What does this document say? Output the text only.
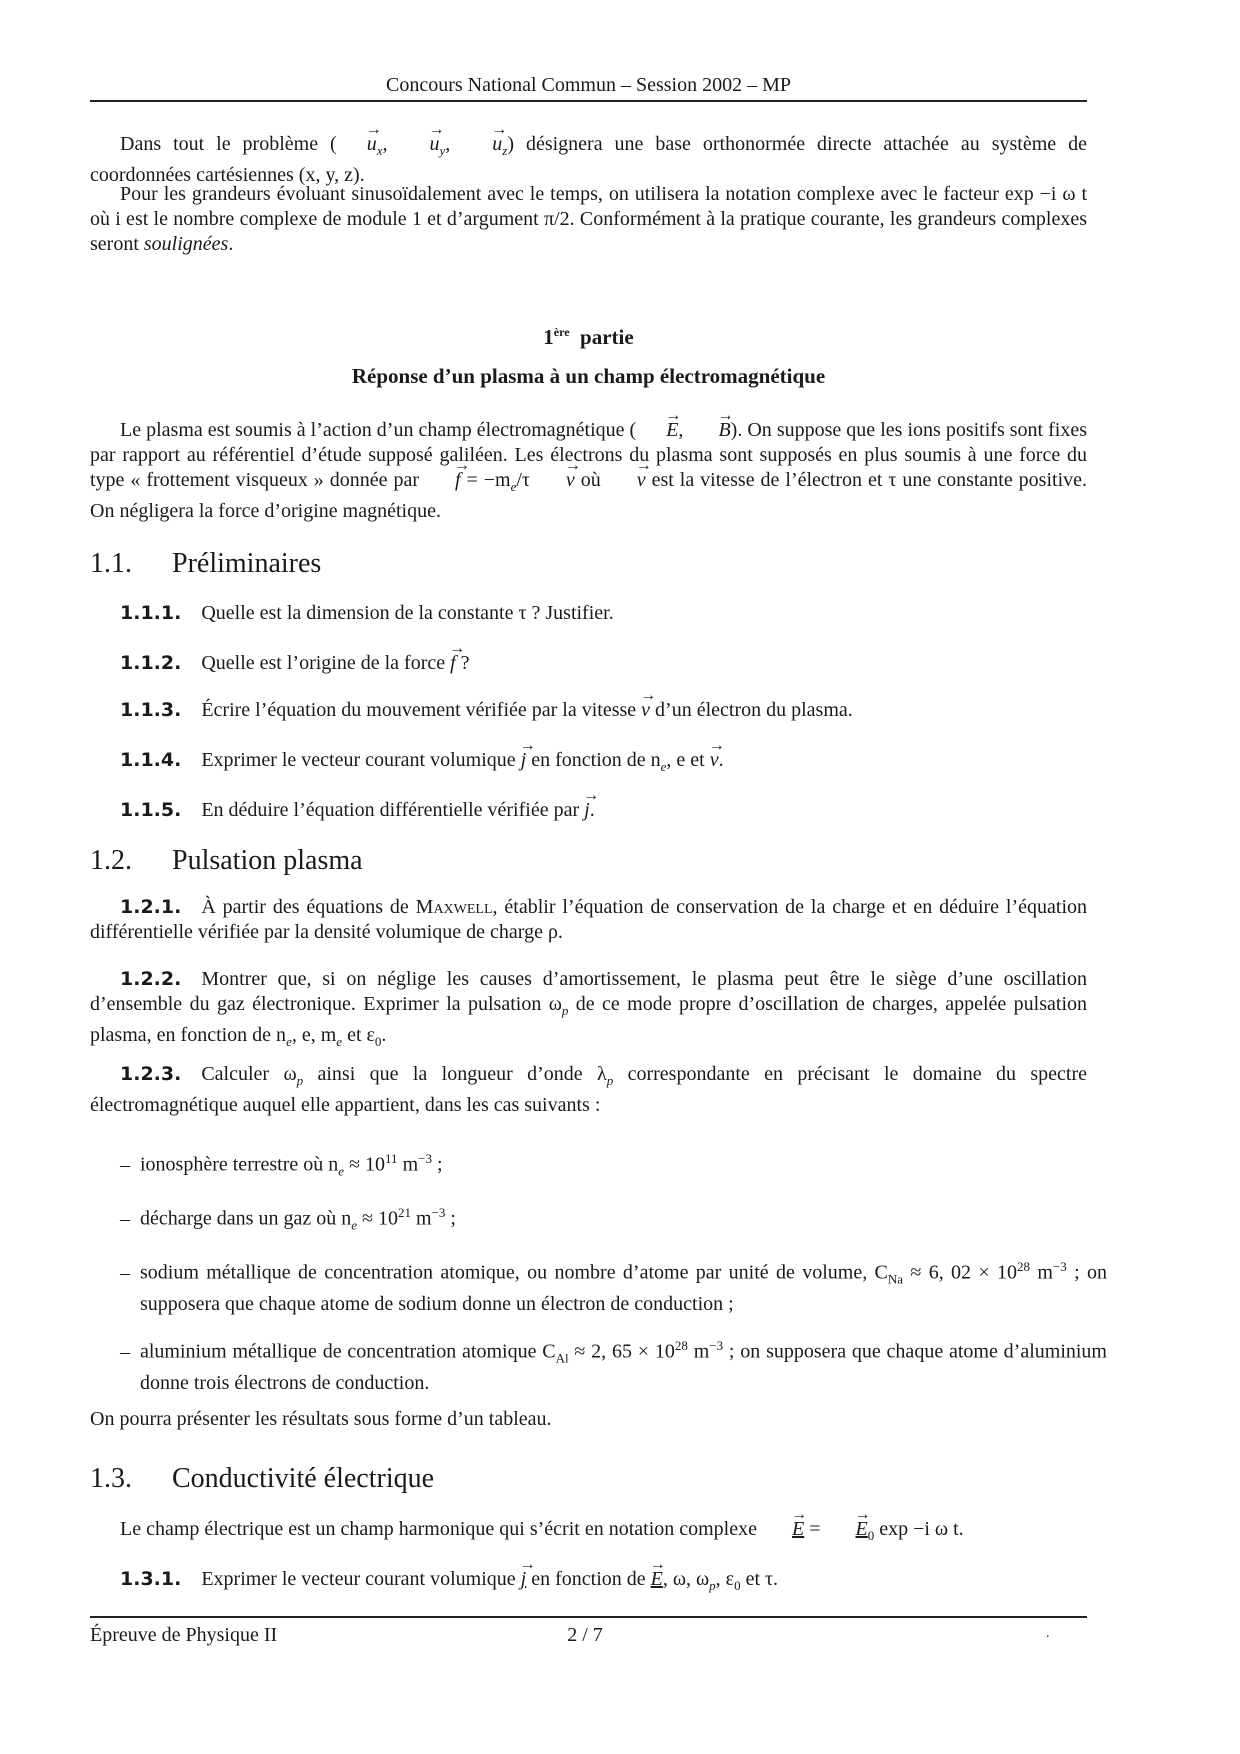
Concours National Commun – Session 2002 – MP
Dans tout le problème ( → $u_x$, → $u_y$, → $u_z$) désignera une base orthonormée directe attachée au système de coordonnées cartésiennes (x, y, z).
Pour les grandeurs évoluant sinusoïdalement avec le temps, on utilisera la notation complexe avec le facteur exp −i ω t où i est le nombre complexe de module 1 et d’argument π/2. Conformément à la pratique courante, les grandeurs complexes seront soulignées.
1ère partie
Réponse d’un plasma à un champ électromagnétique
Le plasma est soumis à l’action d’un champ électromagnétique ( → E, → B). On suppose que les ions positifs sont fixes par rapport au référentiel d’étude supposé galiléen. Les électrons du plasma sont supposés en plus soumis à une force du type « frottement visqueux » donnée par → $f = -m_e/\tau \to v$ où → v est la vitesse de l’électron et τ une constante positive. On négligera la force d’origine magnétique.
1.1. Préliminaires
1.1.1. Quelle est la dimension de la constante τ ? Justifier.
1.1.2. Quelle est l’origine de la force → f ?
1.1.3. Écrire l’équation du mouvement vérifiée par la vitesse → v d’un électron du plasma.
1.1.4. Exprimer le vecteur courant volumique → j en fonction de $n_e$, e et → v.
1.1.5. En déduire l’équation différentielle vérifiée par → j.
1.2. Pulsation plasma
1.2.1. À partir des équations de Maxwell, établir l’équation de conservation de la charge et en déduire l’équation différentielle vérifiée par la densité volumique de charge ρ.
1.2.2. Montrer que, si on néglige les causes d’amortissement, le plasma peut être le siège d’une oscillation d’ensemble du gaz électronique. Exprimer la pulsation $\omega_p$ de ce mode propre d’oscillation de charges, appelée pulsation plasma, en fonction de $n_e$, e, $m_e$ et $\varepsilon_0$.
1.2.3. Calculer $\omega_p$ ainsi que la longueur d’onde $\lambda_p$ correspondante en précisant le domaine du spectre électromagnétique auquel elle appartient, dans les cas suivants :
– ionosphère terrestre où $n_e \approx 10^{11}$ $m^{-3}$ ;
– décharge dans un gaz où $n_e \approx 10^{21}$ $m^{-3}$ ;
– sodium métallique de concentration atomique, ou nombre d’atome par unité de volume, $C_{Na} \approx 6$, $02 \times 10^{28}$ $m^{-3}$ ; on supposera que chaque atome de sodium donne un électron de conduction ;
– aluminium métallique de concentration atomique $C_{Al} \approx 2$, $65 \times 10^{28}$ $m^{-3}$ ; on supposera que chaque atome d’aluminium donne trois électrons de conduction.
On pourra présenter les résultats sous forme d’un tableau.
1.3. Conductivité électrique
Le champ électrique est un champ harmonique qui s’écrit en notation complexe → E = → $E_0$ exp −i ω t.
1.3.1. Exprimer le vecteur courant volumique → j en fonction de → E, ω, $\omega_p$, $\varepsilon_0$ et τ.
Épreuve de Physique II	2 / 7	.
